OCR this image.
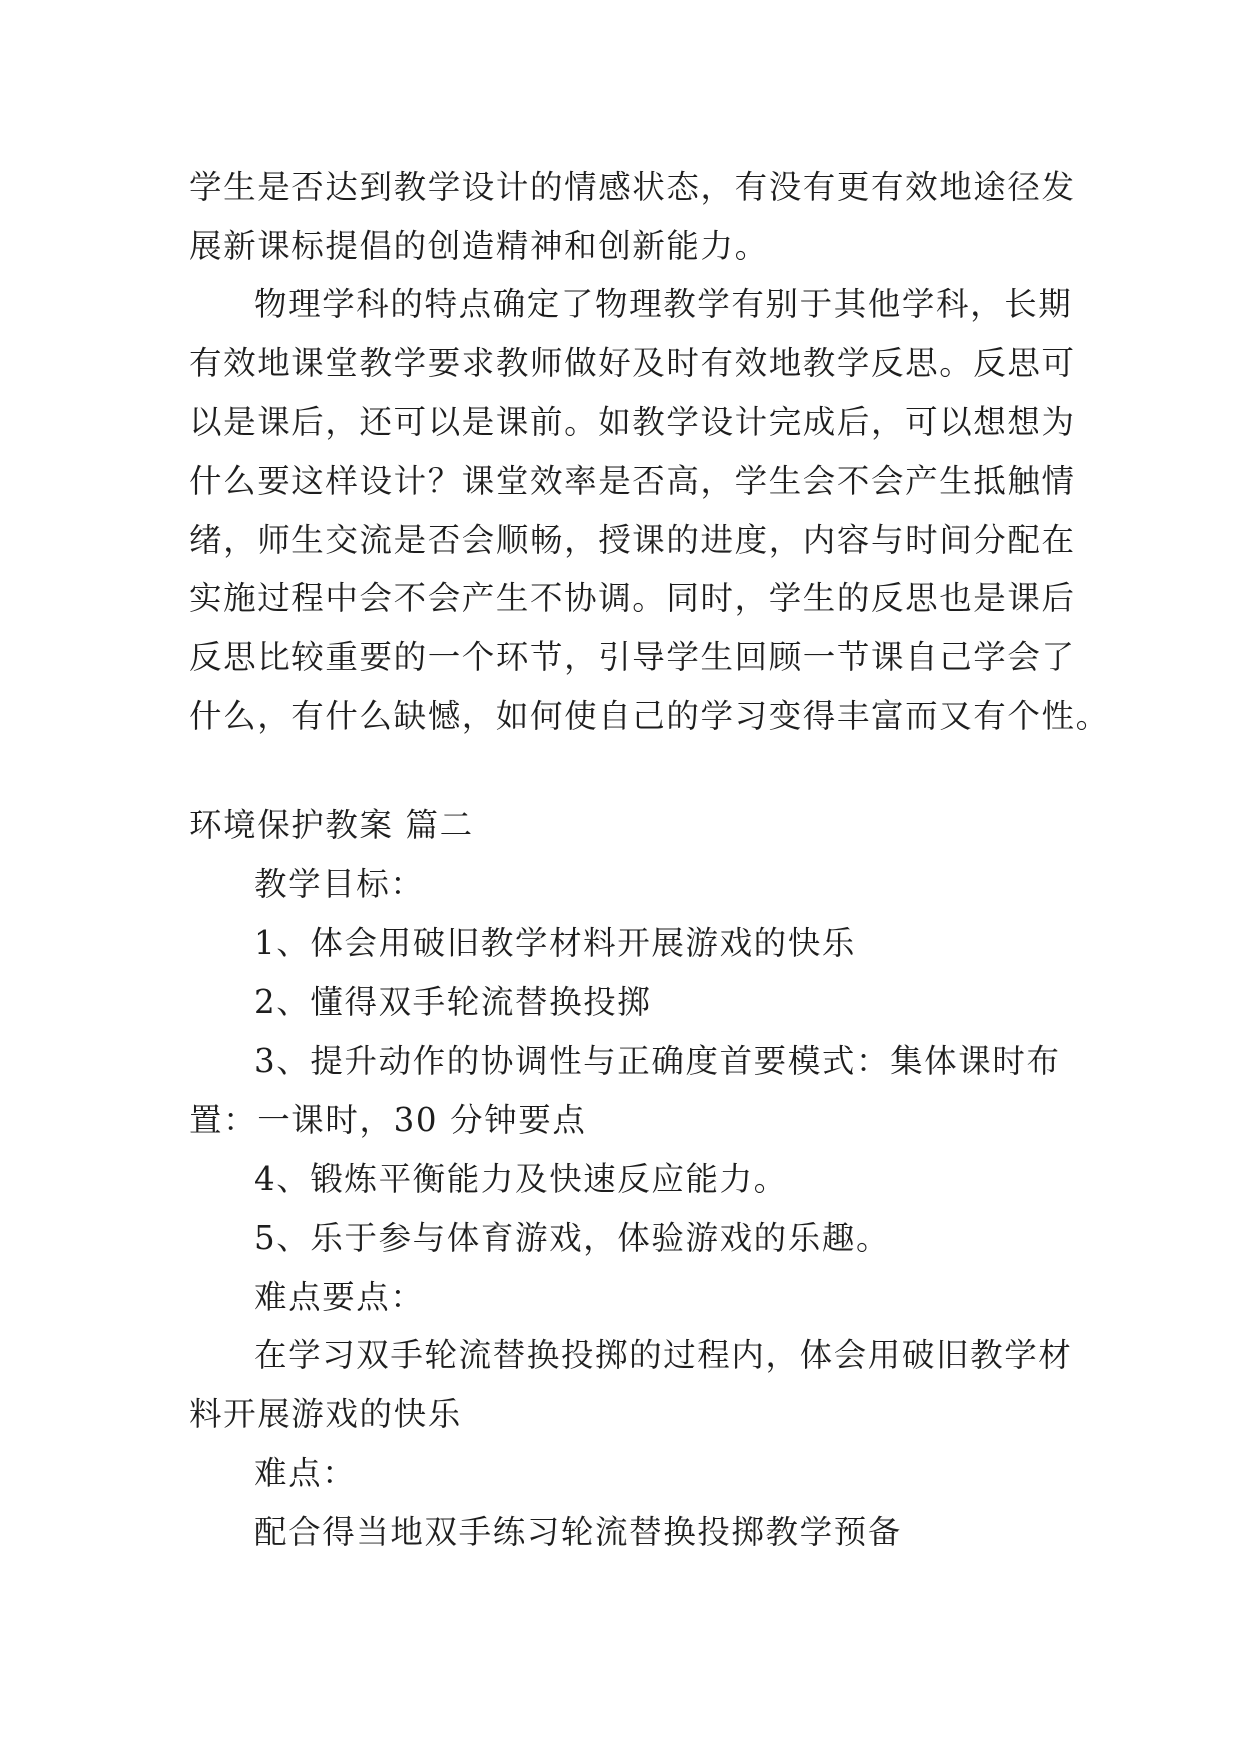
学生是否达到教学设计的情感状态，有没有更有效地途径发
展新课标提倡的创造精神和创新能力。
物理学科的特点确定了物理教学有别于其他学科，长期
有效地课堂教学要求教师做好及时有效地教学反思。反思可
以是课后，还可以是课前。如教学设计完成后，可以想想为
什么要这样设计？课堂效率是否高，学生会不会产生抵触情
绪，师生交流是否会顺畅，授课的进度，内容与时间分配在
实施过程中会不会产生不协调。同时，学生的反思也是课后
反思比较重要的一个环节，引导学生回顾一节课自己学会了
什么，有什么缺憾，如何使自己的学习变得丰富而又有个性。
环境保护教案 篇二
教学目标：
1、体会用破旧教学材料开展游戏的快乐
2、懂得双手轮流替换投掷
3、提升动作的协调性与正确度首要模式：集体课时布
置：一课时，30 分钟要点
4、锻炼平衡能力及快速反应能力。
5、乐于参与体育游戏，体验游戏的乐趣。
难点要点：
在学习双手轮流替换投掷的过程内，体会用破旧教学材
料开展游戏的快乐
难点：
配合得当地双手练习轮流替换投掷教学预备
